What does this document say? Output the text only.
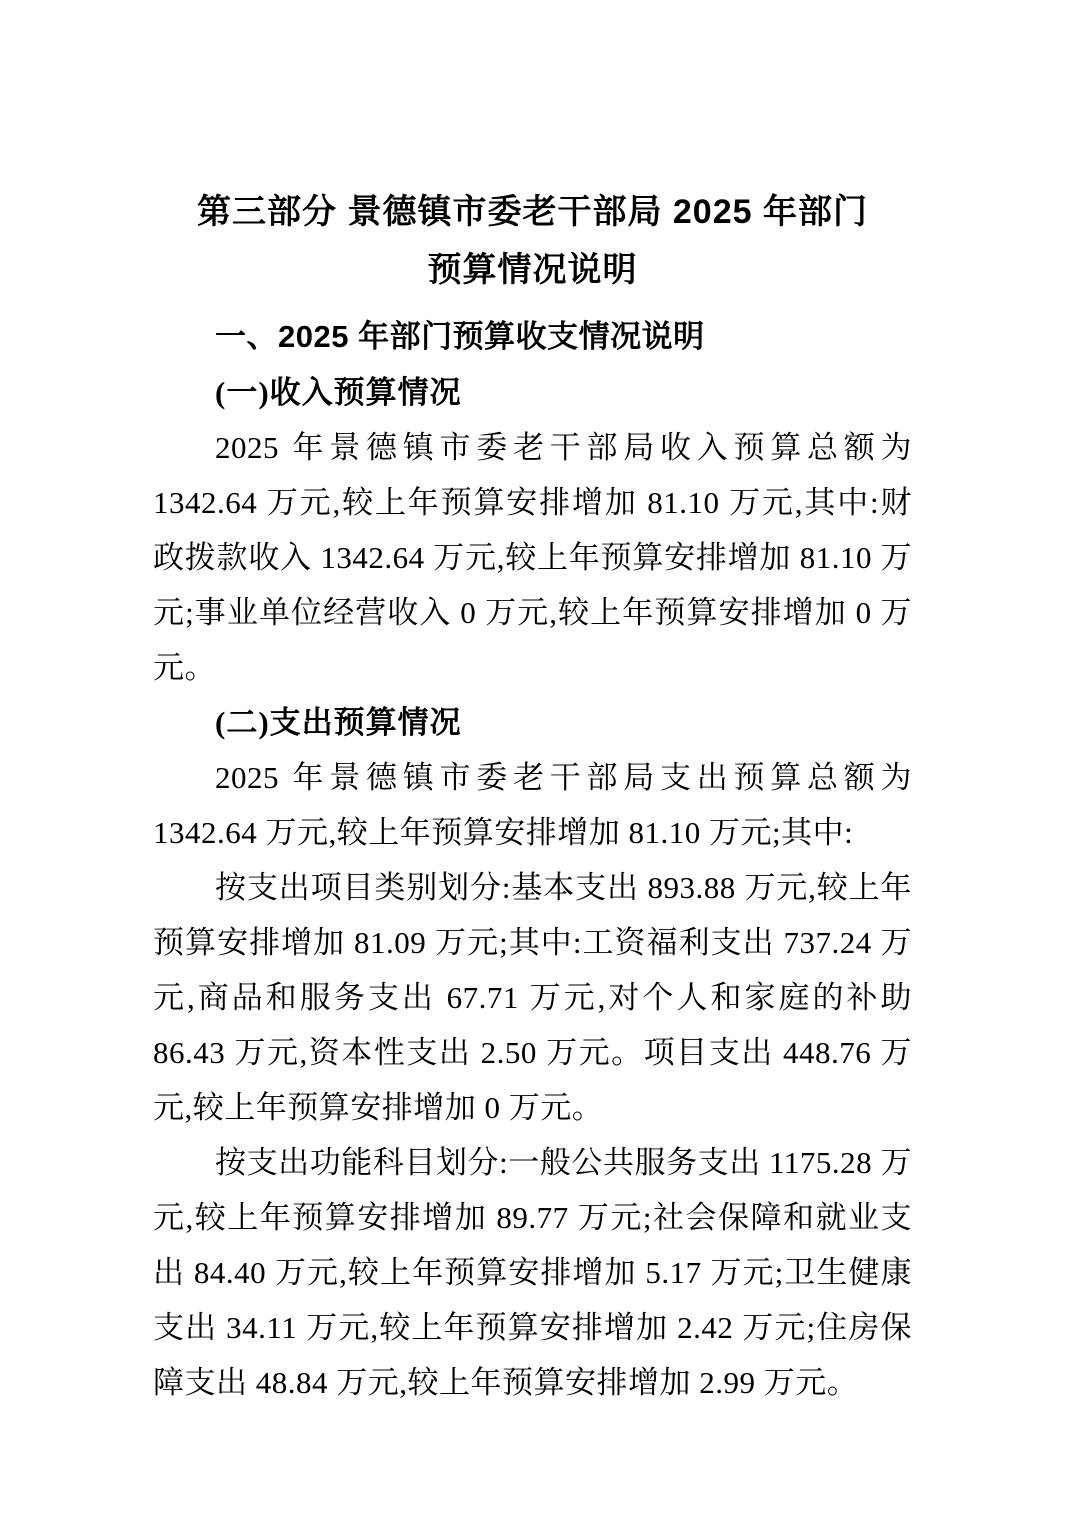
第三部分 景德镇市委老干部局 2025 年部门
预算情况说明
一、2025 年部门预算收支情况说明
(一)收入预算情况

2025 年景德镇市委老干部局收入预算总额为 1342.64 万元,较上年预算安排增加 81.10 万元,其中:财政拨款收入 1342.64 万元,较上年预算安排增加 81.10 万元;事业单位经营收入 0 万元,较上年预算安排增加 0 万元。

(二)支出预算情况

2025 年景德镇市委老干部局支出预算总额为 1342.64 万元,较上年预算安排增加 81.10 万元;其中:

按支出项目类别划分:基本支出 893.88 万元,较上年预算安排增加 81.09 万元;其中:工资福利支出 737.24 万元,商品和服务支出 67.71 万元,对个人和家庭的补助 86.43 万元,资本性支出 2.50 万元。项目支出 448.76 万元,较上年预算安排增加 0 万元。

按支出功能科目划分:一般公共服务支出 1175.28 万元,较上年预算安排增加 89.77 万元;社会保障和就业支出 84.40 万元,较上年预算安排增加 5.17 万元;卫生健康支出 34.11 万元,较上年预算安排增加 2.42 万元;住房保障支出 48.84 万元,较上年预算安排增加 2.99 万元。
